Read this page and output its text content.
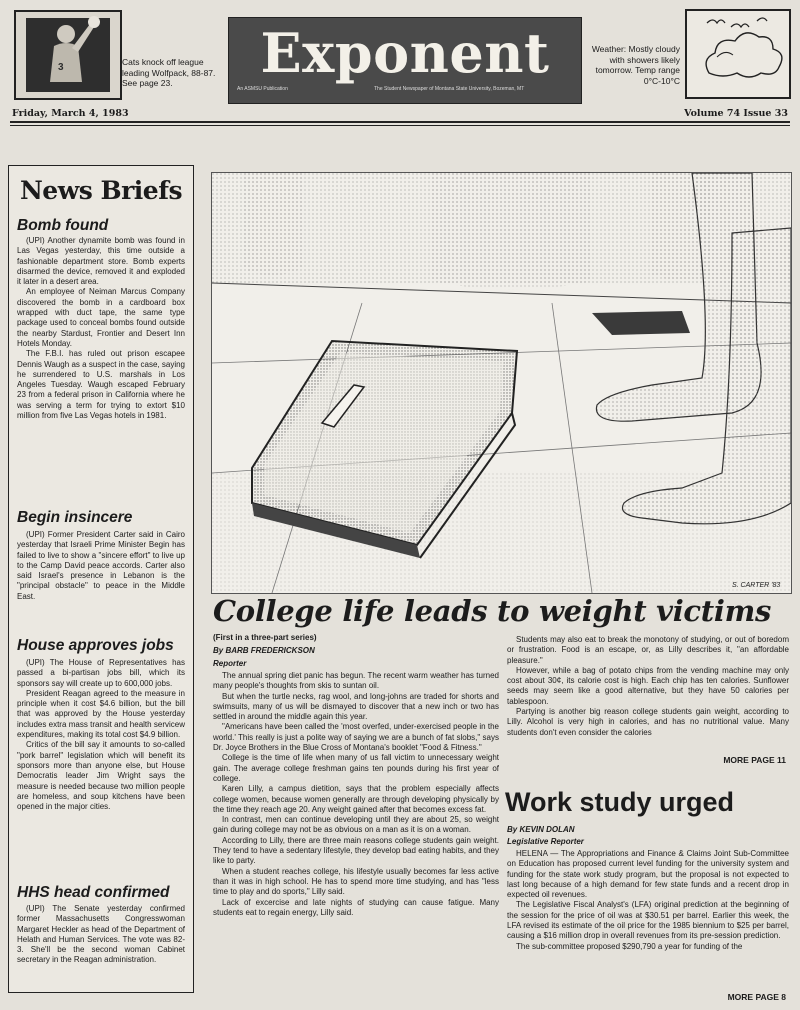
3	Cats knock off league leading Wolfpack, 88-87. See page 23.	Exponent
An ASMSU Publication	The Student Newspaper of Montana State University, Bozeman, MT
Weather: Mostly cloudy with showers likely tomorrow. Temp range 0°C-10°C
Friday, March 4, 1983	Volume 74 Issue 33
News Briefs
Bomb found

(UPI) Another dynamite bomb was found in Las Vegas yesterday, this time outside a fashionable department store. Bomb experts disarmed the device, removed it and exploded it later in a desert area.

An employee of Neiman Marcus Company discovered the bomb in a cardboard box wrapped with duct tape, the same type package used to conceal bombs found outside the nearby Stardust, Frontier and Desert Inn Hotels Monday.

The F.B.I. has ruled out prison escapee Dennis Waugh as a suspect in the case, saying he surrendered to U.S. marshals in Los Angeles Tuesday. Waugh escaped February 23 from a federal prison in California where he was serving a term for trying to extort $10 million from five Las Vegas hotels in 1981.

Begin insincere

(UPI) Former President Carter said in Cairo yesterday that Israeli Prime Minister Begin has failed to live to show a "sincere effort" to live up to the Camp David peace accords. Carter also said Israel's presence in Lebanon is the "principal obstacle" to peace in the Middle East.

House approves jobs

(UPI) The House of Representatives has passed a bi-partisan jobs bill, which its sponsors say will create up to 600,000 jobs.

President Reagan agreed to the measure in principle when it cost $4.6 billion, but the bill that was approved by the House yesterday includes extra mass transit and health servicew expenditures, making its total cost $4.9 billion.

Critics of the bill say it amounts to so-called "pork barrel" legislation which will benefit its sponsors more than anyone else, but House Democratis leader Jim Wright says the measure is needed because two million people are homeless, and soup kitchens have been opened in the major cities.

HHS head confirmed

(UPI) The Senate yesterday confirmed former Massachusetts Congresswoman Margaret Heckler as head of the Department of Helath and Human Services. The vote was 82-3. She'll be the second woman Cabinet secretary in the Reagan administration.

S. CARTER '83
College life leads to weight victims
(First in a three-part series)
By BARB FREDERICKSON
Reporter

The annual spring diet panic has begun. The recent warm weather has turned many people's thoughts from skis to suntan oil.

But when the turtle necks, rag wool, and long-johns are traded for shorts and swimsuits, many of us will be dismayed to discover that a new inch or two has settled in around the middle again this year.

"Americans have been called the 'most overfed, under-exercised people in the world.' This really is just a polite way of saying we are a bunch of fat slobs," says Dr. Joyce Brothers in the Blue Cross of Montana's booklet "Food & Fitness."

College is the time of life when many of us fall victim to unnecessary weight gain. The average college freshman gains ten pounds during his first year of college.

Karen Lilly, a campus dietition, says that the problem especially affects college women, because women generally are through developing physically by the time they reach age 20. Any weight gained after that becomes excess fat.

In contrast, men can continue developing until they are about 25, so weight gain during college may not be as obvious on a man as it is on a woman.

According to Lilly, there are three main reasons college students gain weight. They tend to have a sedentary lifestyle, they develop bad eating habits, and they like to party.

When a student reaches college, his lifestyle usually becomes far less active than it was in high school. He has to spend more time studying, and has "less time to play and do sports," Lilly said.

Lack of excercise and late nights of studying can cause fatigue. Many students eat to regain energy, Lilly said.

Students may also eat to break the monotony of studying, or out of boredom or frustration. Food is an escape, or, as Lilly describes it, "an affordable pleasure."

However, while a bag of potato chips from the vending machine may only cost about 30¢, its calorie cost is high. Each chip has ten calories. Sunflower seeds may seem like a good alternative, but they have 50 calories per tablespoon.

Partying is another big reason college students gain weight, according to Lilly. Alcohol is very high in calories, and has no nutritional value. Many students don't even consider the calories

MORE PAGE 11
Work study urged
By KEVIN DOLAN
Legislative Reporter

HELENA — The Appropriations and Finance & Claims Joint Sub-Committee on Education has proposed current level funding for the university system and funding for the state work study program, but the proposal is not expected to last long because of a high demand for few state funds and a recent drop in expected oil revenues.

The Legislative Fiscal Analyst's (LFA) original prediction at the beginning of the session for the price of oil was at $30.51 per barrel. Earlier this week, the LFA revised its estimate of the oil price for the 1985 biennium to $25 per barrel, causing a $16 million drop in overall revenues from its pre-session prediction.

The sub-committee proposed $290,790 a year for funding of the

MORE PAGE 8
